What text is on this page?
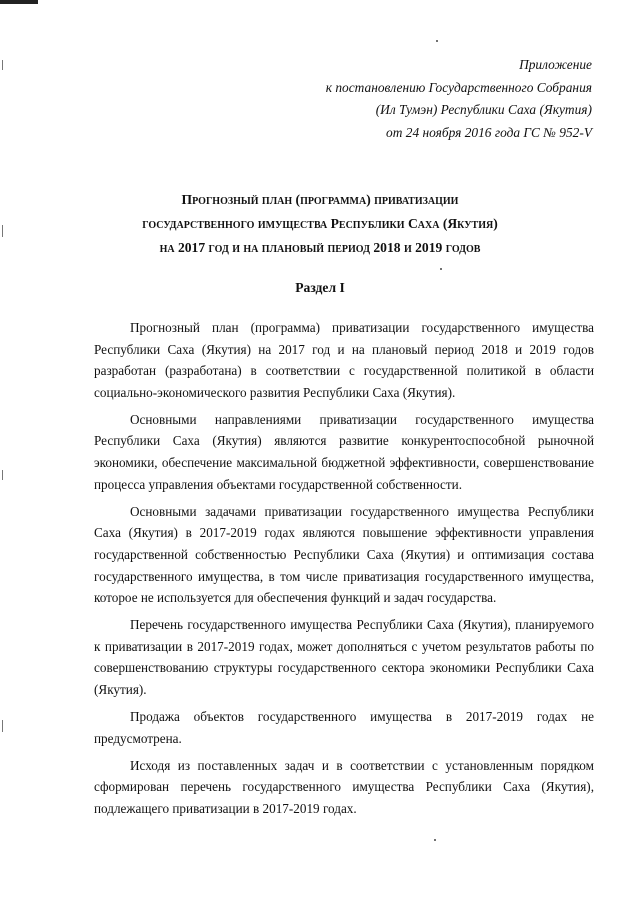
Приложение
к постановлению Государственного Собрания
(Ил Тумэн) Республики Саха (Якутия)
от 24 ноября 2016 года ГС № 952-V
Прогнозный план (программа) приватизации
государственного имущества Республики Саха (Якутия)
на 2017 год и на плановый период 2018 и 2019 годов
Раздел I

Прогнозный план (программа) приватизации государственного имущества Республики Саха (Якутия) на 2017 год и на плановый период 2018 и 2019 годов разработан (разработана) в соответствии с государственной политикой в области социально-экономического развития Республики Саха (Якутия).

Основными направлениями приватизации государственного имущества Республики Саха (Якутия) являются развитие конкурентоспособной рыночной экономики, обеспечение максимальной бюджетной эффективности, совершенствование процесса управления объектами государственной собственности.

Основными задачами приватизации государственного имущества Республики Саха (Якутия) в 2017-2019 годах являются повышение эффективности управления государственной собственностью Республики Саха (Якутия) и оптимизация состава государственного имущества, в том числе приватизация государственного имущества, которое не используется для обеспечения функций и задач государства.

Перечень государственного имущества Республики Саха (Якутия), планируемого к приватизации в 2017-2019 годах, может дополняться с учетом результатов работы по совершенствованию структуры государственного сектора экономики Республики Саха (Якутия).

Продажа объектов государственного имущества в 2017-2019 годах не предусмотрена.

Исходя из поставленных задач и в соответствии с установленным порядком сформирован перечень государственного имущества Республики Саха (Якутия), подлежащего приватизации в 2017-2019 годах.
